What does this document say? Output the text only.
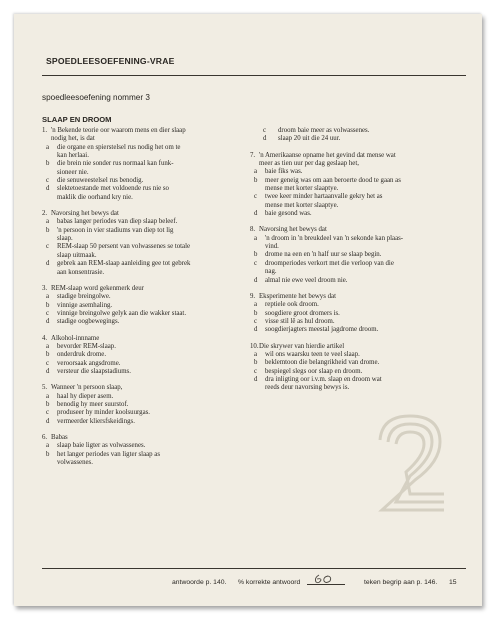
SPOEDLEESOEFENING-VRAE
spoedleesoefening nommer 3
SLAAP EN DROOM
1. 'n Bekende teorie oor waarom mens en dier slaap
nodig het, is dat
a	die organe en spierstelsel rus nodig het om te
kan herlaai.
b	die brein nie sonder rus normaal kan funk-
sioneer nie.
c	die senuweestelsel rus benodig.
d	slektetoestande met voldoende rus nie so
maklik die oorhand kry nie.
2. Navorsing het bewys dat
a	babas langer periodes van diep slaap beleef.
b	'n persoon in vier stadiums van diep tot lig
slaap.
c	REM-slaap 50 persent van volwassenes se totale
slaap uitmaak.
d	gebrek aan REM-slaap aanleiding gee tot gebrek
aan konsentrasie.
3. REM-slaap word gekenmerk deur
a	stadige breingolwe.
b	vinnige asemhaling.
c	vinnige breingolwe gelyk aan die wakker staat.
d	stadige oogbewegings.
4. Alkohol-innname
a	bevorder REM-slaap.
b	onderdruk drome.
c	veroorsaak angsdrome.
d	versteur die slaapstadiums.
5. Wanneer 'n persoon slaap,
a	haal hy dieper asem.
b	benodig hy meer suurstof.
c	produseer hy minder koolsuurgas.
d	vermeerder kliersfskeidings.
6. Babas
a	slaap baie ligter as volwassenes.
b	het langer periodes van ligter slaap as
volwassenes.
c	droom baie meer as volwassenes.
d	slaap 20 uit die 24 uur.
7. 'n Amerikaanse opname het gevind dat mense wat
meer as tien uur per dag geslaap het,
a	baie fiks was.
b	meer geneig was om aan beroerte dood te gaan as
mense met korter slaaptye.
c	twee keer minder hartaanvalle gekry het as
mense met korter slaaptye.
d	baie gesond was.
8. Navorsing het bewys dat
a	'n droom in 'n breukdeel van 'n sekonde kan plaas-
vind.
b	drome na een en 'n half uur se slaap begin.
c	droomperiodes verkort met die verloop van die
nag.
d	almal nie ewe veel droom nie.
9. Eksperimente het bewys dat
a	reptiele ook droom.
b	soogdiere groot dromers is.
c	visse stil lê as hul droom.
d	soogdierjagters meestal jagdrome droom.
10. Die skrywer van hierdie artikel
a	wil ons waarsku teen te veel slaap.
b	beklemtoon die belangrikheid van drome.
c	bespiegel slegs oor slaap en droom.
d	dra inligting oor i.v.m. slaap en droom wat
reeds deur navorsing bewys is.
antwoorde p. 140. % korrekte antwoord	teken begrip aan p. 146. 15
